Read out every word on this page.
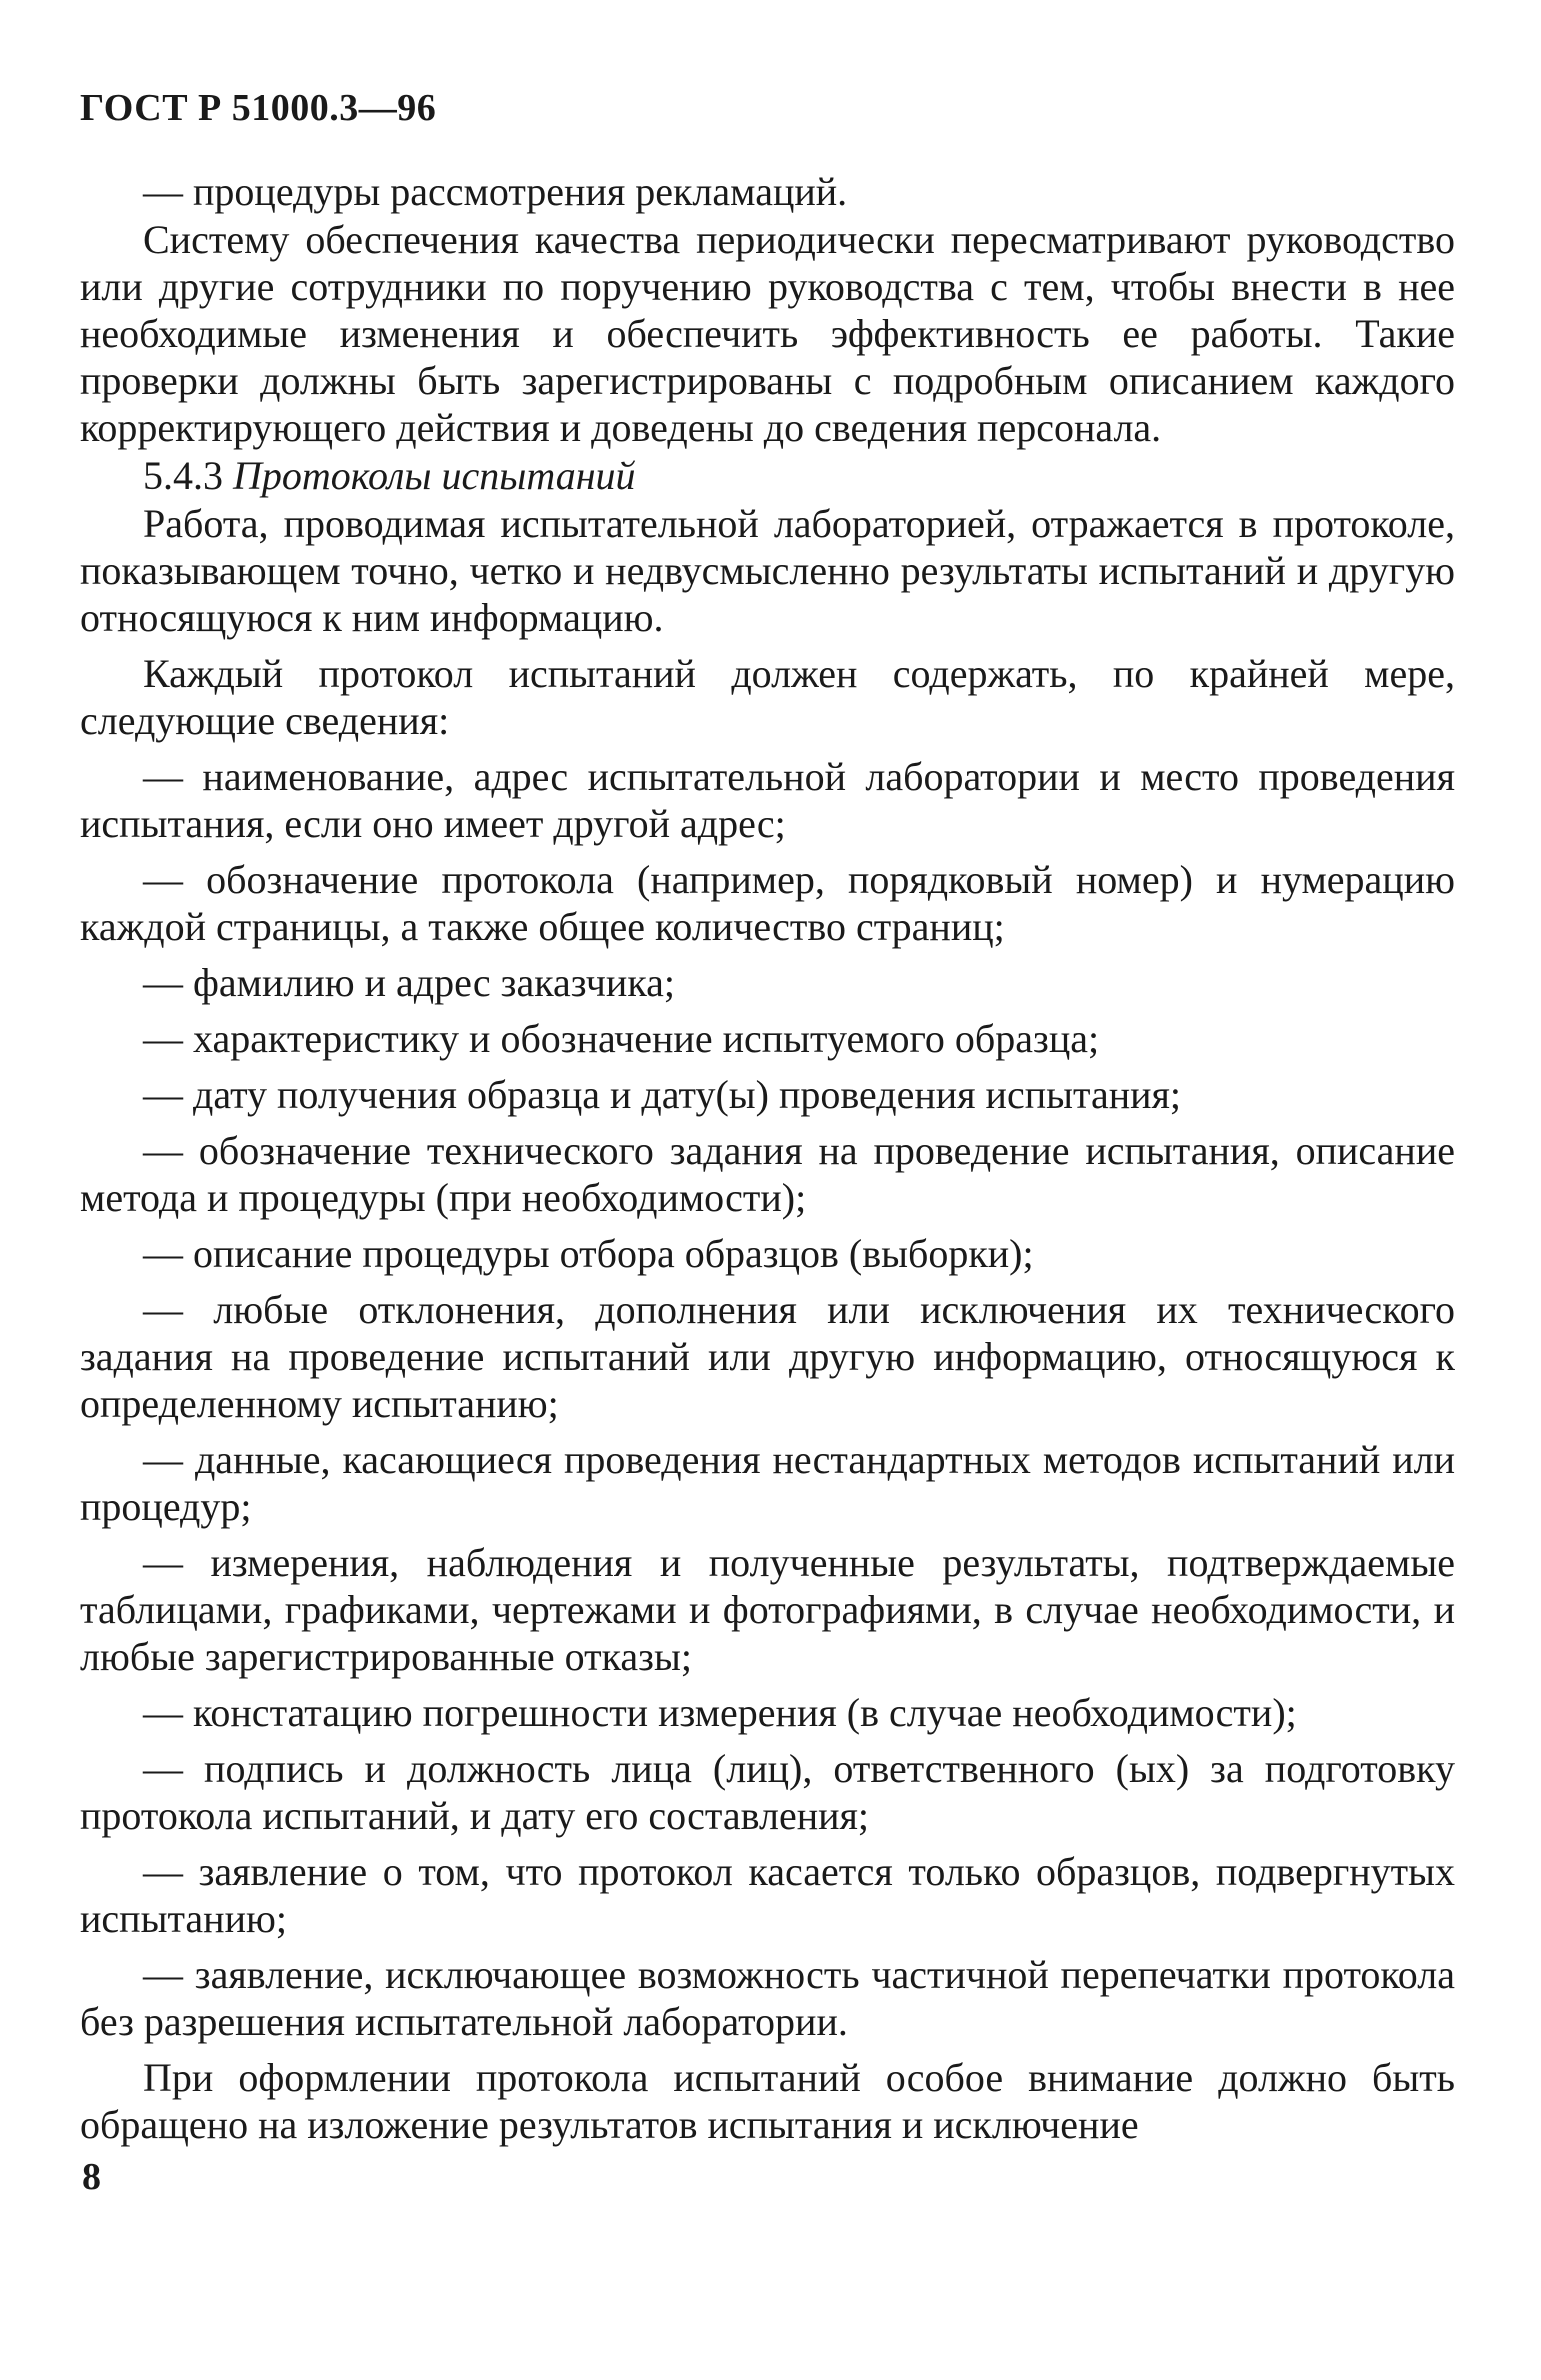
ГОСТ Р 51000.3—96

— процедуры рассмотрения рекламаций.

Систему обеспечения качества периодически пересматривают руководство или другие сотрудники по поручению руководства с тем, чтобы внести в нее необходимые изменения и обеспечить эффективность ее работы. Такие проверки должны быть зарегистрированы с подробным описанием каждого корректирующего действия и доведены до сведения персонала.

5.4.3 Протоколы испытаний

Работа, проводимая испытательной лабораторией, отражается в протоколе, показывающем точно, четко и недвусмысленно результаты испытаний и другую относящуюся к ним информацию.

Каждый протокол испытаний должен содержать, по крайней мере, следующие сведения:

— наименование, адрес испытательной лаборатории и место проведения испытания, если оно имеет другой адрес;

— обозначение протокола (например, порядковый номер) и нумерацию каждой страницы, а также общее количество страниц;

— фамилию и адрес заказчика;

— характеристику и обозначение испытуемого образца;

— дату получения образца и дату(ы) проведения испытания;

— обозначение технического задания на проведение испытания, описание метода и процедуры (при необходимости);

— описание процедуры отбора образцов (выборки);

— любые отклонения, дополнения или исключения их технического задания на проведение испытаний или другую информацию, относящуюся к определенному испытанию;

— данные, касающиеся проведения нестандартных методов испытаний или процедур;

— измерения, наблюдения и полученные результаты, подтверждаемые таблицами, графиками, чертежами и фотографиями, в случае необходимости, и любые зарегистрированные отказы;

— констатацию погрешности измерения (в случае необходимости);

— подпись и должность лица (лиц), ответственного (ых) за подготовку протокола испытаний, и дату его составления;

— заявление о том, что протокол касается только образцов, подвергнутых испытанию;

— заявление, исключающее возможность частичной перепечатки протокола без разрешения испытательной лаборатории.

При оформлении протокола испытаний особое внимание должно быть обращено на изложение результатов испытания и исключение

8
